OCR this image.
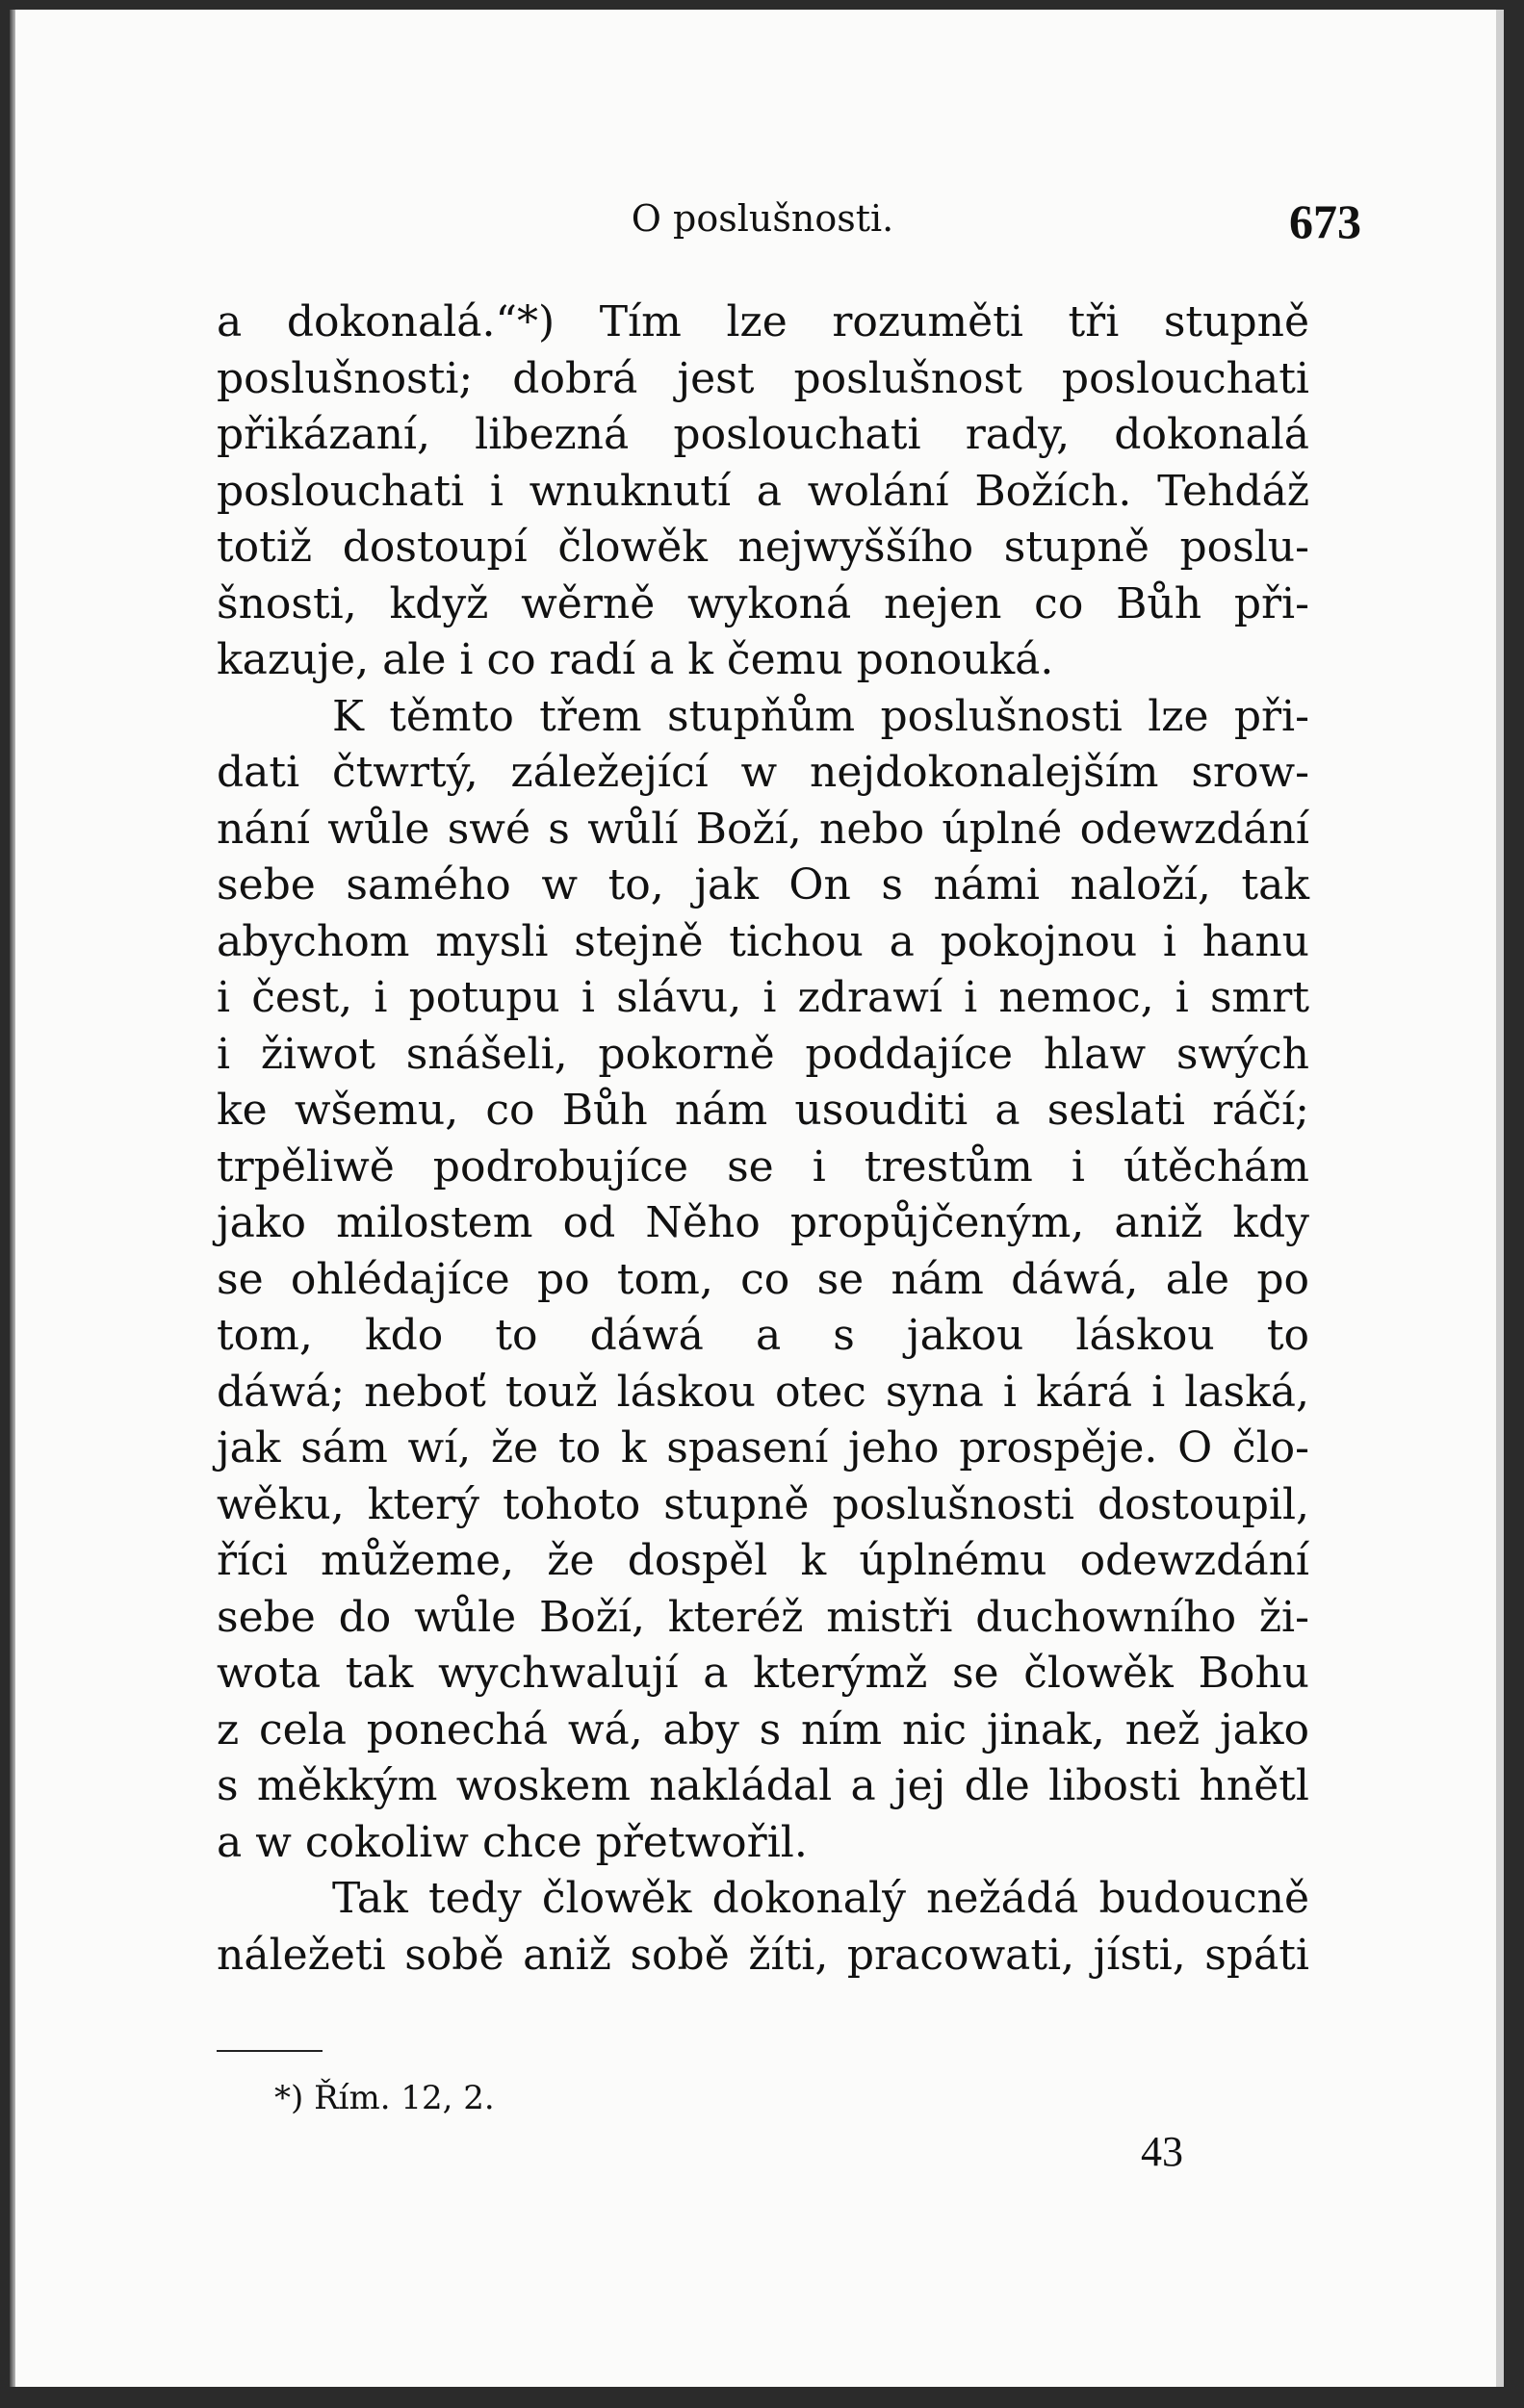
O poslušnosti.	673
a dokonalá.“*) Tím lze rozuměti tři stupně
poslušnosti; dobrá jest poslušnost poslouchati
přikázaní, libezná poslouchati rady, dokonalá
poslouchati i wnuknutí a wolání Božích. Tehdáž
totiž dostoupí člowěk nejwyššího stupně poslu-
šnosti, když wěrně wykoná nejen co Bůh při-
kazuje, ale i co radí a k čemu ponouká.
K těmto třem stupňům poslušnosti lze při-
dati čtwrtý, záležející w nejdokonalejším srow-
nání wůle swé s wůlí Boží, nebo úplné odewzdání
sebe samého w to, jak On s námi naloží, tak
abychom mysli stejně tichou a pokojnou i hanu
i čest, i potupu i slávu, i zdrawí i nemoc, i smrt
i žiwot snášeli, pokorně poddajíce hlaw swých
ke wšemu, co Bůh nám usouditi a seslati ráčí;
trpěliwě podrobujíce se i trestům i útěchám
jako milostem od Něho propůjčeným, aniž kdy
se ohlédajíce po tom, co se nám dáwá, ale po
tom, kdo to dáwá a s jakou láskou to
dáwá; neboť touž láskou otec syna i kárá i laská,
jak sám wí, že to k spasení jeho prospěje. O člo-
wěku, který tohoto stupně poslušnosti dostoupil,
říci můžeme, že dospěl k úplnému odewzdání
sebe do wůle Boží, kteréž mistři duchowního ži-
wota tak wychwalují a kterýmž se člowěk Bohu
z cela ponechá wá, aby s ním nic jinak, než jako
s měkkým woskem nakládal a jej dle libosti hnětl
a w cokoliw chce přetwořil.
Tak tedy člowěk dokonalý nežádá budoucně
náležeti sobě aniž sobě žíti, pracowati, jísti, spáti
*) Řím. 12, 2.
43
